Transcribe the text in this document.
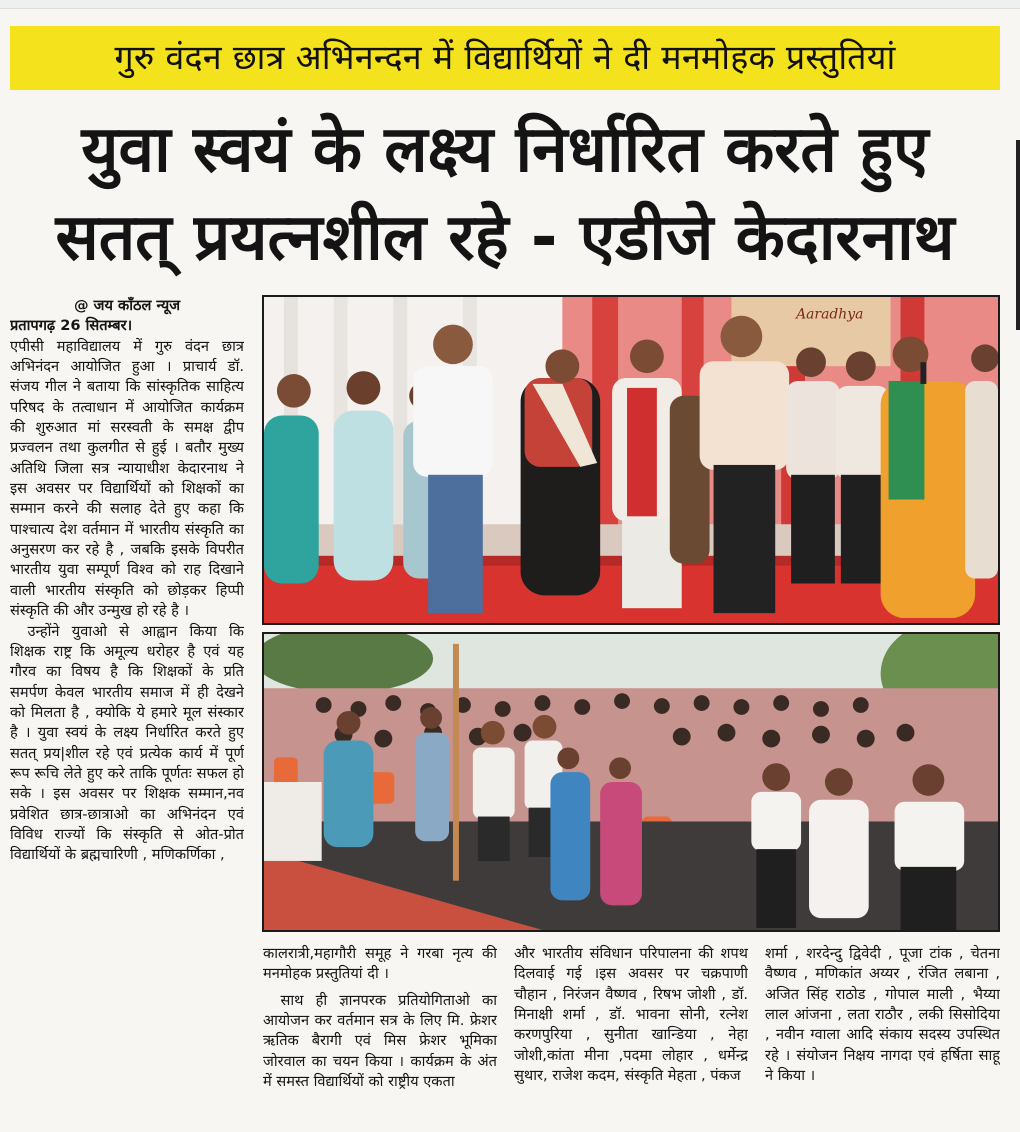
गुरु वंदन छात्र अभिनन्दन में विद्यार्थियों ने दी मनमोहक प्रस्तुतियां
युवा स्वयं के लक्ष्य निर्धारित करते हुए
सतत् प्रयत्नशील रहे - एडीजे केदारनाथ
@ जय काँठल न्यूज
प्रतापगढ़ 26 सितम्बर।

एपीसी महाविद्यालय में गुरु वंदन छात्र अभिनंदन आयोजित हुआ । प्राचार्य डॉ. संजय गील ने बताया कि सांस्कृतिक साहित्य परिषद के तत्वाधान में आयोजित कार्यक्रम की शुरुआत मां सरस्वती के समक्ष द्वीप प्रज्वलन तथा कुलगीत से हुई । बतौर मुख्य अतिथि जिला सत्र न्यायाधीश केदारनाथ ने इस अवसर पर विद्यार्थियों को शिक्षकों का सम्मान करने की सलाह देते हुए कहा कि पाश्चात्य देश वर्तमान में भारतीय संस्कृति का अनुसरण कर रहे है , जबकि इसके विपरीत भारतीय युवा सम्पूर्ण विश्व को राह दिखाने वाली भारतीय संस्कृति को छोड़कर हिप्पी संस्कृति की और उन्मुख हो रहे है ।

उन्होंने युवाओ से आह्वान किया कि शिक्षक राष्ट्र कि अमूल्य धरोहर है एवं यह गौरव का विषय है कि शिक्षकों के प्रति समर्पण केवल भारतीय समाज में ही देखने को मिलता है , क्योकि ये हमारे मूल संस्कार है । युवा स्वयं के लक्ष्य निर्धारित करते हुए सतत् प्रय|शील रहे एवं प्रत्येक कार्य में पूर्ण रूप रूचि लेते हुए करे ताकि पूर्णतः सफल हो सके । इस अवसर पर शिक्षक सम्मान,नव प्रवेशित छात्र-छात्राओ का अभिनंदन एवं विविध राज्यों कि संस्कृति से ओत-प्रोत विद्यार्थियों के ब्रह्मचारिणी , मणिकर्णिका ,

Aaradhya

कालरात्री,महागौरी समूह ने गरबा नृत्य की मनमोहक प्रस्तुतियां दी ।

साथ ही ज्ञानपरक प्रतियोगिताओ का आयोजन कर वर्तमान सत्र के लिए मि. फ्रेशर ऋतिक बैरागी एवं मिस फ्रेशर भूमिका जोरवाल का चयन किया । कार्यक्रम के अंत में समस्त विद्यार्थियों को राष्ट्रीय एकता

और भारतीय संविधान परिपालना की शपथ दिलवाई गई ।इस अवसर पर चक्रपाणी चौहान , निरंजन वैष्णव , रिषभ जोशी , डॉ. मिनाक्षी शर्मा , डॉ. भावना सोनी, रत्नेश करणपुरिया , सुनीता खान्डिया , नेहा जोशी,कांता मीना ,पदमा लोहार , धर्मेन्द्र सुथार, राजेश कदम, संस्कृति मेहता , पंकज

शर्मा , शरदेन्दु द्विवेदी , पूजा टांक , चेतना वैष्णव , मणिकांत अय्यर , रंजित लबाना , अजित सिंह राठोड , गोपाल माली , भैय्या लाल आंजना , लता राठौर , लकी सिसोदिया , नवीन ग्वाला आदि संकाय सदस्य उपस्थित रहे । संयोजन निक्षय नागदा एवं हर्षिता साहू ने किया ।
